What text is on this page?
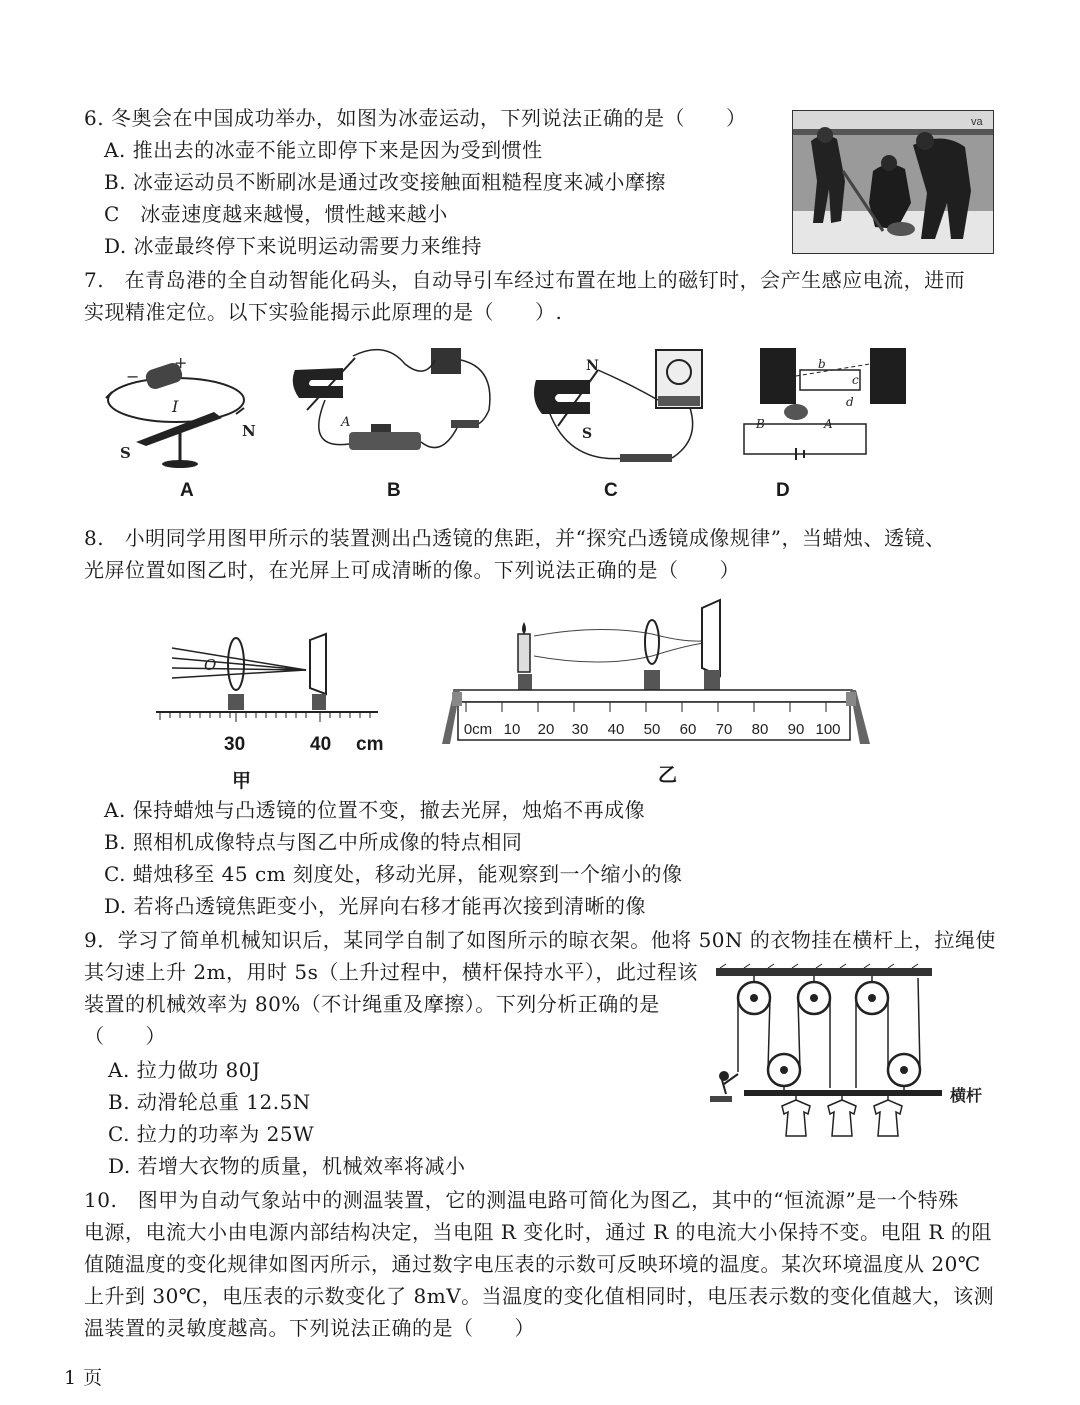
6. 冬奥会在中国成功举办，如图为冰壶运动，下列说法正确的是（　　）
A. 推出去的冰壶不能立即停下来是因为受到惯性
B. 冰壶运动员不断刷冰是通过改变接触面粗糙程度来减小摩擦
C　冰壶速度越来越慢，惯性越来越小
D. 冰壶最终停下来说明运动需要力来维持
va
7.　在青岛港的全自动智能化码头，自动导引车经过布置在地上的磁钉时，会产生感应电流，进而
实现精准定位。以下实验能揭示此原理的是（　　）.
−
+
I
S
N
A
A
B
N
S
C
b
c
d
B	A
D
8.　小明同学用图甲所示的装置测出凸透镜的焦距，并“探究凸透镜成像规律”，当蜡烛、透镜、
光屏位置如图乙时，在光屏上可成清晰的像。下列说法正确的是（　　）
O
30	40 cm
甲
0cm 10 20 30 40 50 60 70 80 90 100
乙
A. 保持蜡烛与凸透镜的位置不变，撤去光屏，烛焰不再成像
B. 照相机成像特点与图乙中所成像的特点相同
C. 蜡烛移至 45 cm 刻度处，移动光屏，能观察到一个缩小的像
D. 若将凸透镜焦距变小，光屏向右移才能再次接到清晰的像
9．学习了简单机械知识后，某同学自制了如图所示的晾衣架。他将 50N 的衣物挂在横杆上，拉绳使
其匀速上升 2m，用时 5s（上升过程中，横杆保持水平），此过程该
装置的机械效率为 80%（不计绳重及摩擦）。下列分析正确的是
（　　）
A. 拉力做功 80J
B. 动滑轮总重 12.5N
C. 拉力的功率为 25W
D. 若增大衣物的质量，机械效率将减小
横杆
10.　图甲为自动气象站中的测温装置，它的测温电路可简化为图乙，其中的“恒流源”是一个特殊
电源，电流大小由电源内部结构决定，当电阻 R 变化时，通过 R 的电流大小保持不变。电阻 R 的阻
值随温度的变化规律如图丙所示，通过数字电压表的示数可反映环境的温度。某次环境温度从 20℃
上升到 30℃，电压表的示数变化了 8mV。当温度的变化值相同时，电压表示数的变化值越大，该测
温装置的灵敏度越高。下列说法正确的是（　　）
1 页
